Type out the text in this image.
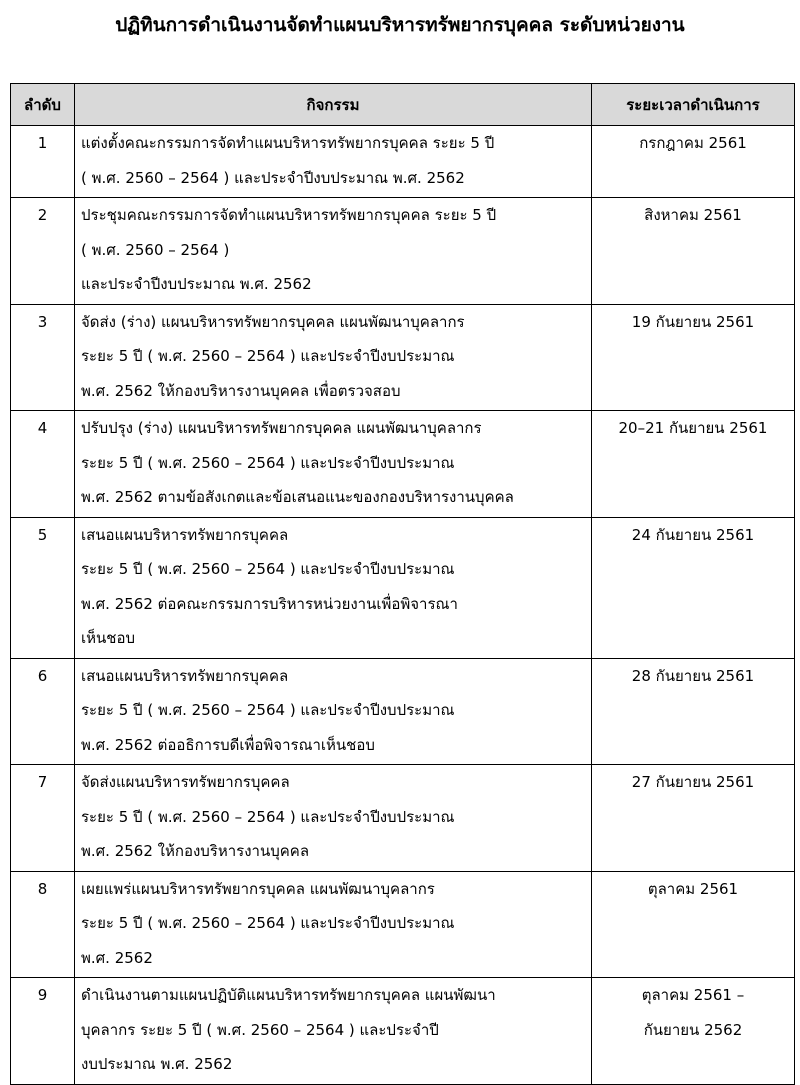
ปฏิทินการดำเนินงานจัดทำแผนบริหารทรัพยากรบุคคล ระดับหน่วยงาน
ลำดับ	กิจกรรม	ระยะเวลาดำเนินการ
1	แต่งตั้งคณะกรรมการจัดทำแผนบริหารทรัพยากรบุคคล ระยะ 5 ปี
( พ.ศ. 2560 – 2564 ) และประจำปีงบประมาณ พ.ศ. 2562	กรกฎาคม 2561

2	ประชุมคณะกรรมการจัดทำแผนบริหารทรัพยากรบุคคล ระยะ 5 ปี
( พ.ศ. 2560 – 2564 )
และประจำปีงบประมาณ พ.ศ. 2562	สิงหาคม 2561

3	จัดส่ง (ร่าง) แผนบริหารทรัพยากรบุคคล แผนพัฒนาบุคลากร
ระยะ 5 ปี ( พ.ศ. 2560 – 2564 ) และประจำปีงบประมาณ
พ.ศ. 2562 ให้กองบริหารงานบุคคล เพื่อตรวจสอบ	19 กันยายน 2561

4	ปรับปรุง (ร่าง) แผนบริหารทรัพยากรบุคคล แผนพัฒนาบุคลากร
ระยะ 5 ปี ( พ.ศ. 2560 – 2564 ) และประจำปีงบประมาณ
พ.ศ. 2562 ตามข้อสังเกตและข้อเสนอแนะของกองบริหารงานบุคคล	20–21 กันยายน 2561

5	เสนอแผนบริหารทรัพยากรบุคคล
ระยะ 5 ปี ( พ.ศ. 2560 – 2564 ) และประจำปีงบประมาณ
พ.ศ. 2562 ต่อคณะกรรมการบริหารหน่วยงานเพื่อพิจารณา
เห็นชอบ	24 กันยายน 2561

6	เสนอแผนบริหารทรัพยากรบุคคล
ระยะ 5 ปี ( พ.ศ. 2560 – 2564 ) และประจำปีงบประมาณ
พ.ศ. 2562 ต่ออธิการบดีเพื่อพิจารณาเห็นชอบ	28 กันยายน 2561

7	จัดส่งแผนบริหารทรัพยากรบุคคล
ระยะ 5 ปี ( พ.ศ. 2560 – 2564 ) และประจำปีงบประมาณ
พ.ศ. 2562 ให้กองบริหารงานบุคคล	27 กันยายน 2561

8	เผยแพร่แผนบริหารทรัพยากรบุคคล แผนพัฒนาบุคลากร
ระยะ 5 ปี ( พ.ศ. 2560 – 2564 ) และประจำปีงบประมาณ
พ.ศ. 2562	ตุลาคม 2561

9	ดำเนินงานตามแผนปฏิบัติแผนบริหารทรัพยากรบุคคล แผนพัฒนา
บุคลากร ระยะ 5 ปี ( พ.ศ. 2560 – 2564 ) และประจำปี
งบประมาณ พ.ศ. 2562	ตุลาคม 2561 –
กันยายน 2562
